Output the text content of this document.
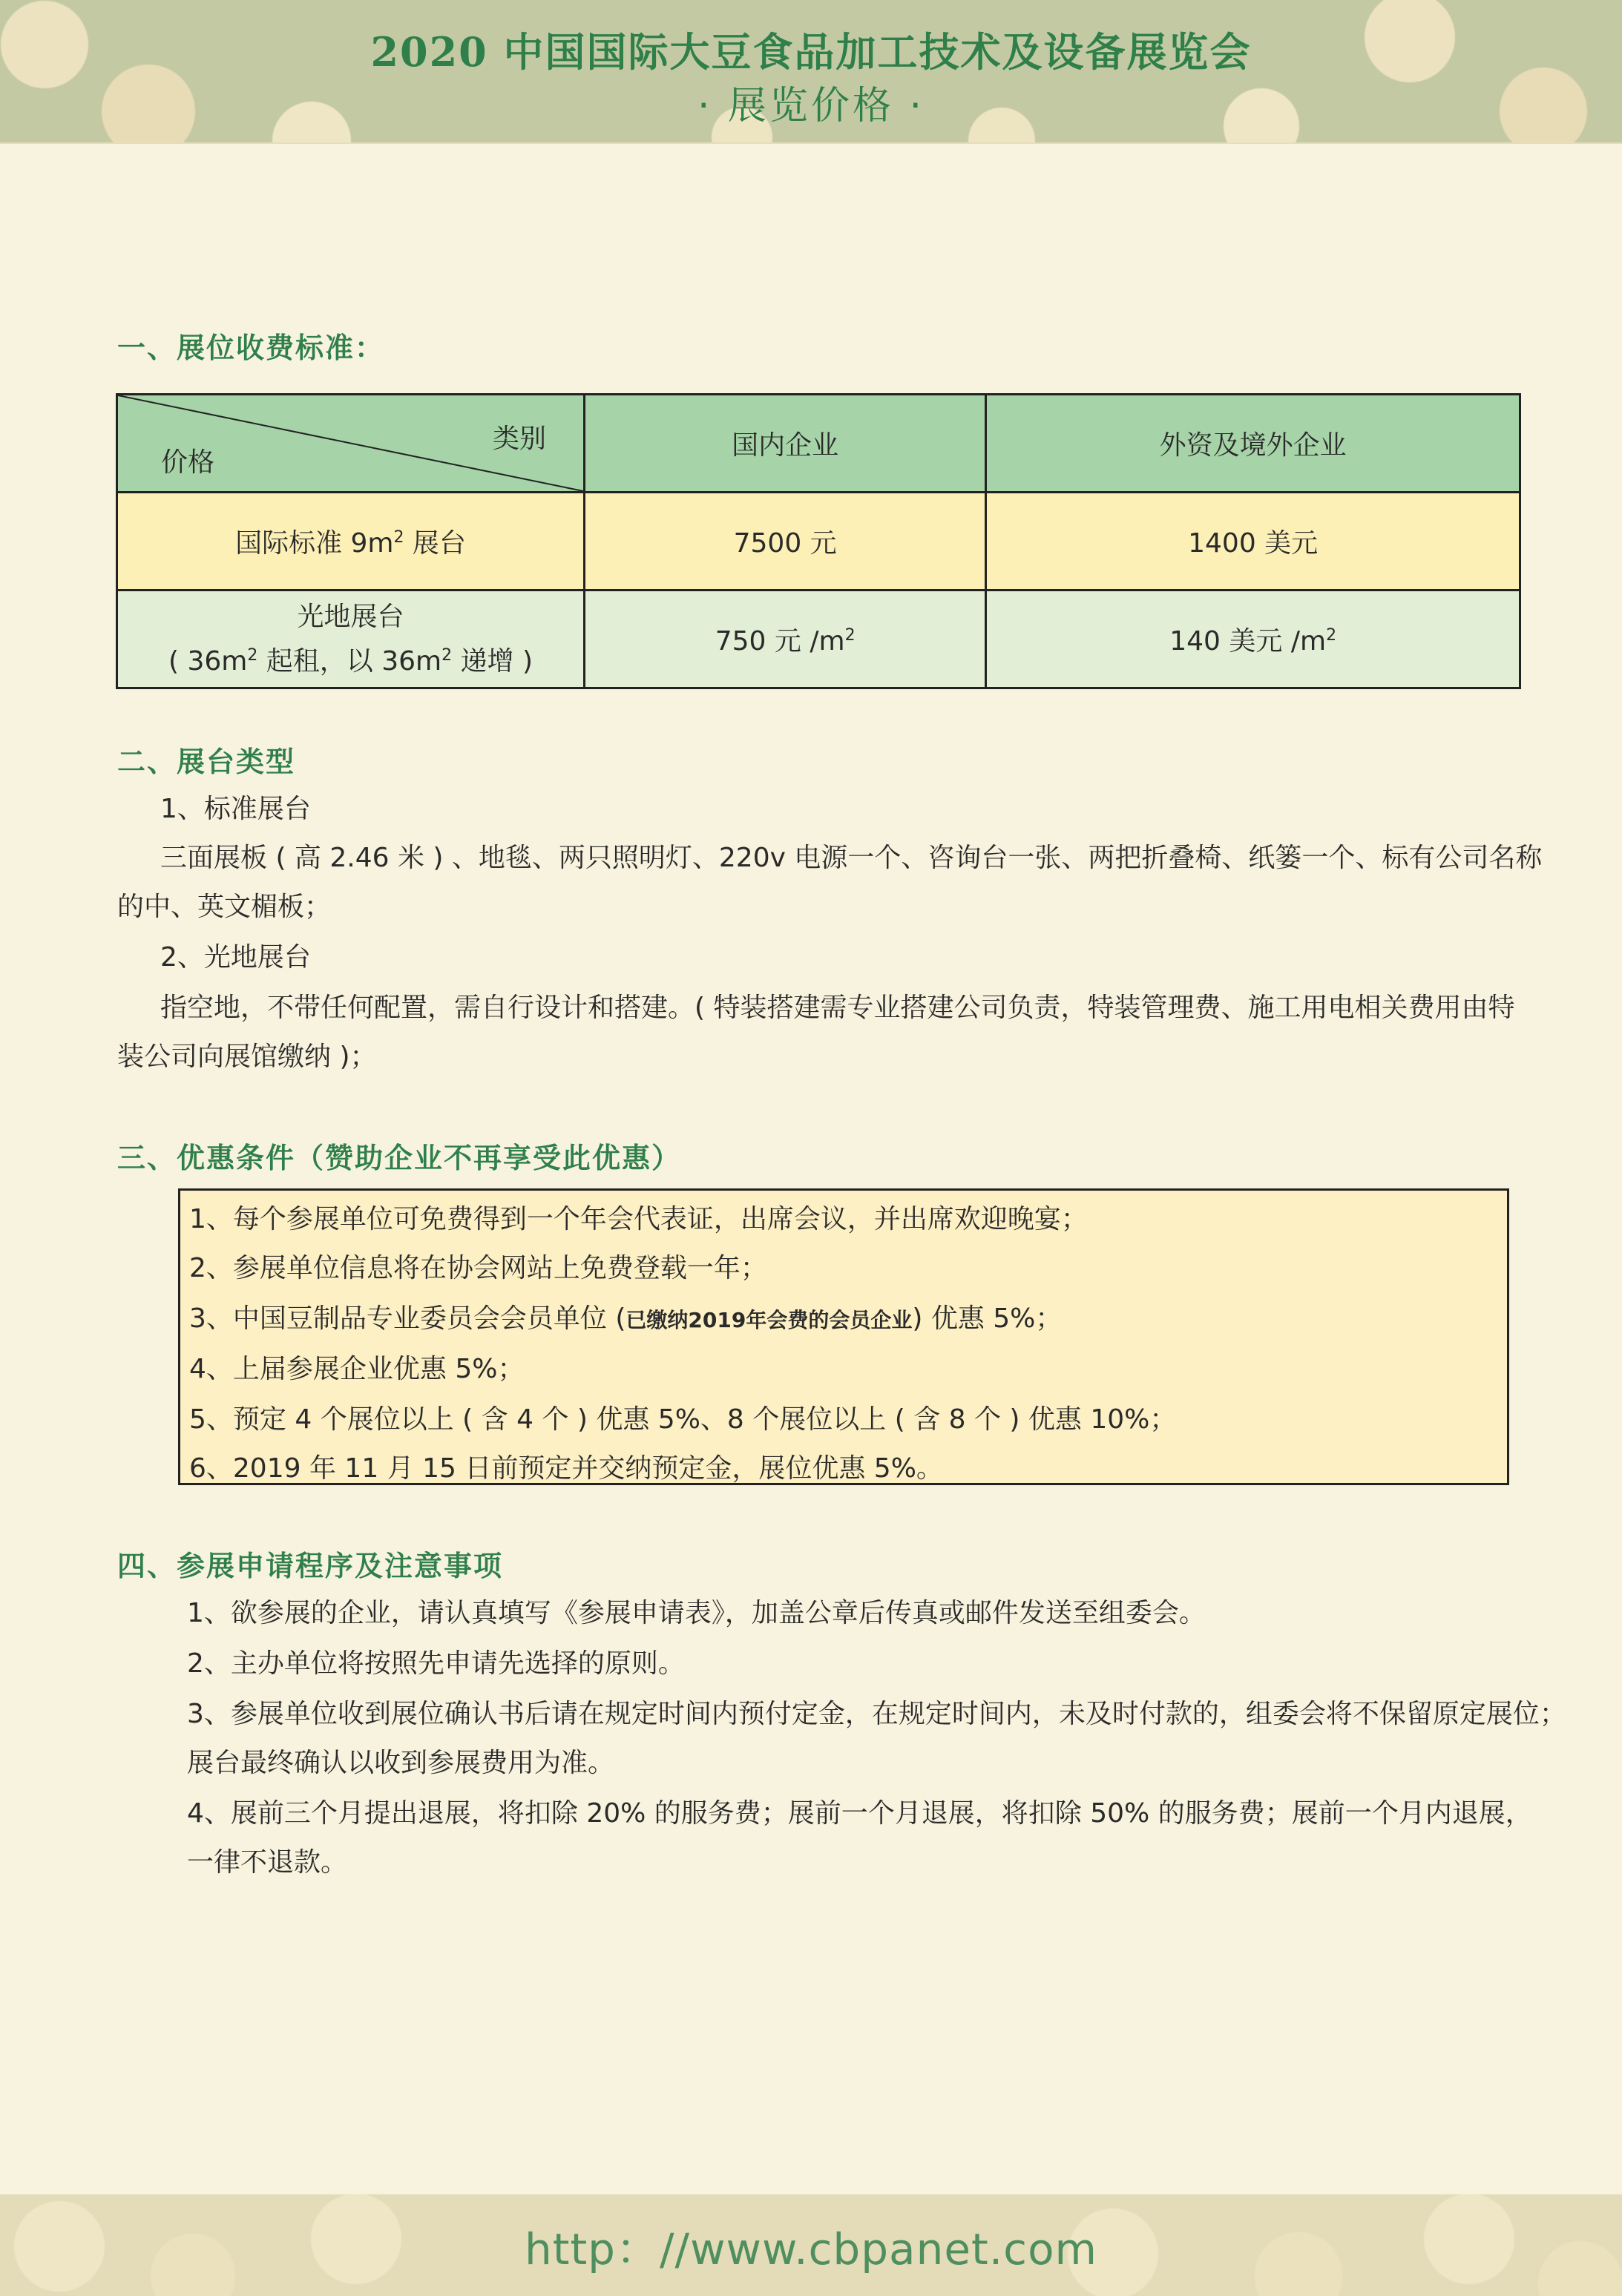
2020 中国国际大豆食品加工技术及设备展览会
· 展览价格 ·
一、展位收费标准：
类别
价格	国内企业	外资及境外企业
国际标准 $9m^2$ 展台	7500 元	1400 美元

光地展台
( $36m^2$ 起租，以 $36m^2$ 递增 )	750 元 $/m^2$	140 美元 $/m^2$
二、展台类型
1、标准展台
三面展板 ( 高 2.46 米 ) 、地毯、两只照明灯、220v 电源一个、咨询台一张、两把折叠椅、纸篓一个、标有公司名称
的中、英文楣板；
2、光地展台
指空地，不带任何配置，需自行设计和搭建。( 特装搭建需专业搭建公司负责，特装管理费、施工用电相关费用由特
装公司向展馆缴纳 )；
三、优惠条件（赞助企业不再享受此优惠）
1、每个参展单位可免费得到一个年会代表证，出席会议，并出席欢迎晚宴；
2、参展单位信息将在协会网站上免费登载一年；
3、中国豆制品专业委员会会员单位 (已缴纳2019年会费的会员企业) 优惠 5%；
4、上届参展企业优惠 5%；
5、预定 4 个展位以上 ( 含 4 个 ) 优惠 5%、8 个展位以上 ( 含 8 个 ) 优惠 10%；
6、2019 年 11 月 15 日前预定并交纳预定金，展位优惠 5%。
四、参展申请程序及注意事项
1、欲参展的企业，请认真填写《参展申请表》，加盖公章后传真或邮件发送至组委会。
2、主办单位将按照先申请先选择的原则。
3、参展单位收到展位确认书后请在规定时间内预付定金，在规定时间内，未及时付款的，组委会将不保留原定展位；
展台最终确认以收到参展费用为准。
4、展前三个月提出退展，将扣除 20% 的服务费；展前一个月退展，将扣除 50% 的服务费；展前一个月内退展，
一律不退款。
http：//www.cbpanet.com
